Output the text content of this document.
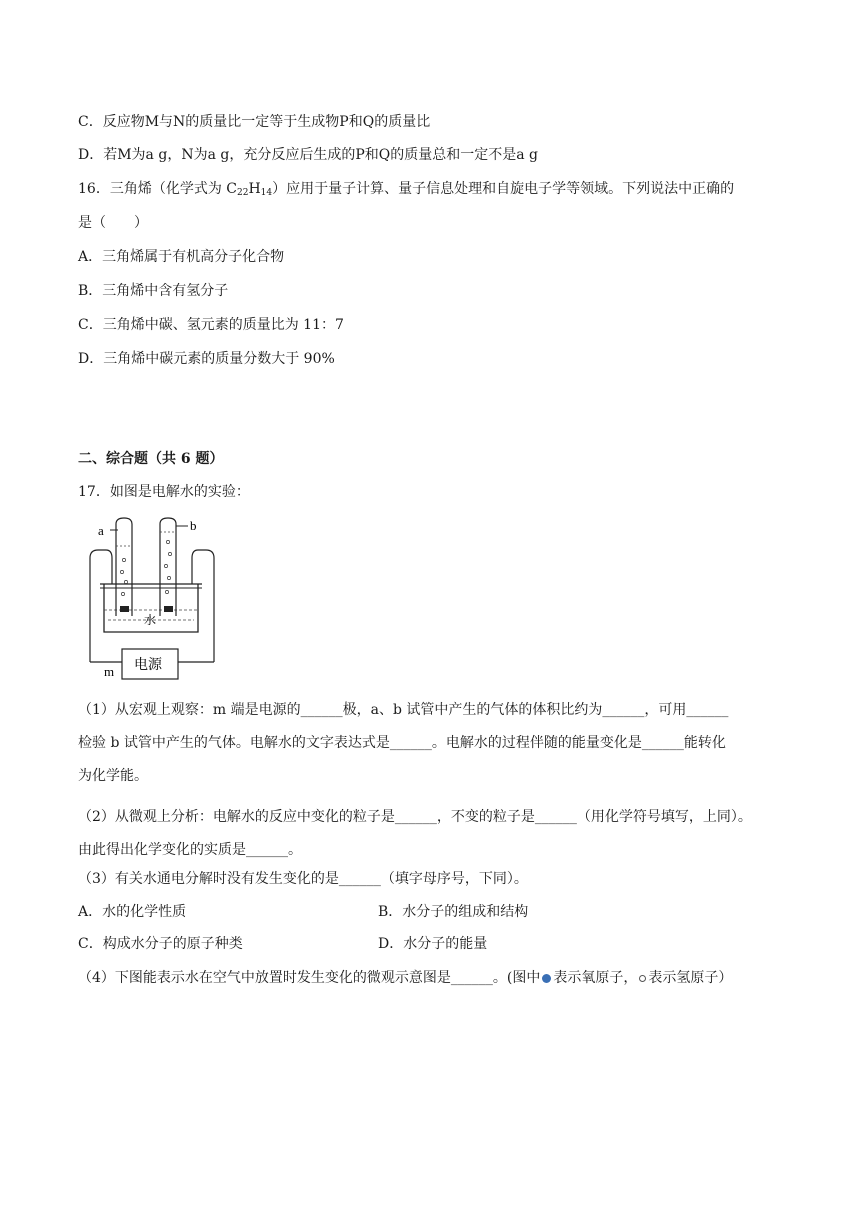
C．反应物M与N的质量比一定等于生成物P和Q的质量比
D．若M为a g，N为a g，充分反应后生成的P和Q的质量总和一定不是a g
16．三角烯（化学式为 $C_{22}H_{14}$）应用于量子计算、量子信息处理和自旋电子学等领域。下列说法中正确的
是（　　）
A．三角烯属于有机高分子化合物
B．三角烯中含有氢分子
C．三角烯中碳、氢元素的质量比为 11：7
D．三角烯中碳元素的质量分数大于 90%
二、综合题（共 6 题）
17．如图是电解水的实验：
a	b
水
电源
m
（1）从宏观上观察：m 端是电源的______极，a、b 试管中产生的气体的体积比约为______，可用______
检验 b 试管中产生的气体。电解水的文字表达式是______。电解水的过程伴随的能量变化是______能转化
为化学能。
（2）从微观上分析：电解水的反应中变化的粒子是______，不变的粒子是______（用化学符号填写，上同）。
由此得出化学变化的实质是______。
（3）有关水通电分解时没有发生变化的是______（填字母序号，下同）。
A．水的化学性质	B．水分子的组成和结构
C．构成水分子的原子种类	D．水分子的能量
（4）下图能表示水在空气中放置时发生变化的微观示意图是______。(图中 表示氧原子， 表示氢原子）
